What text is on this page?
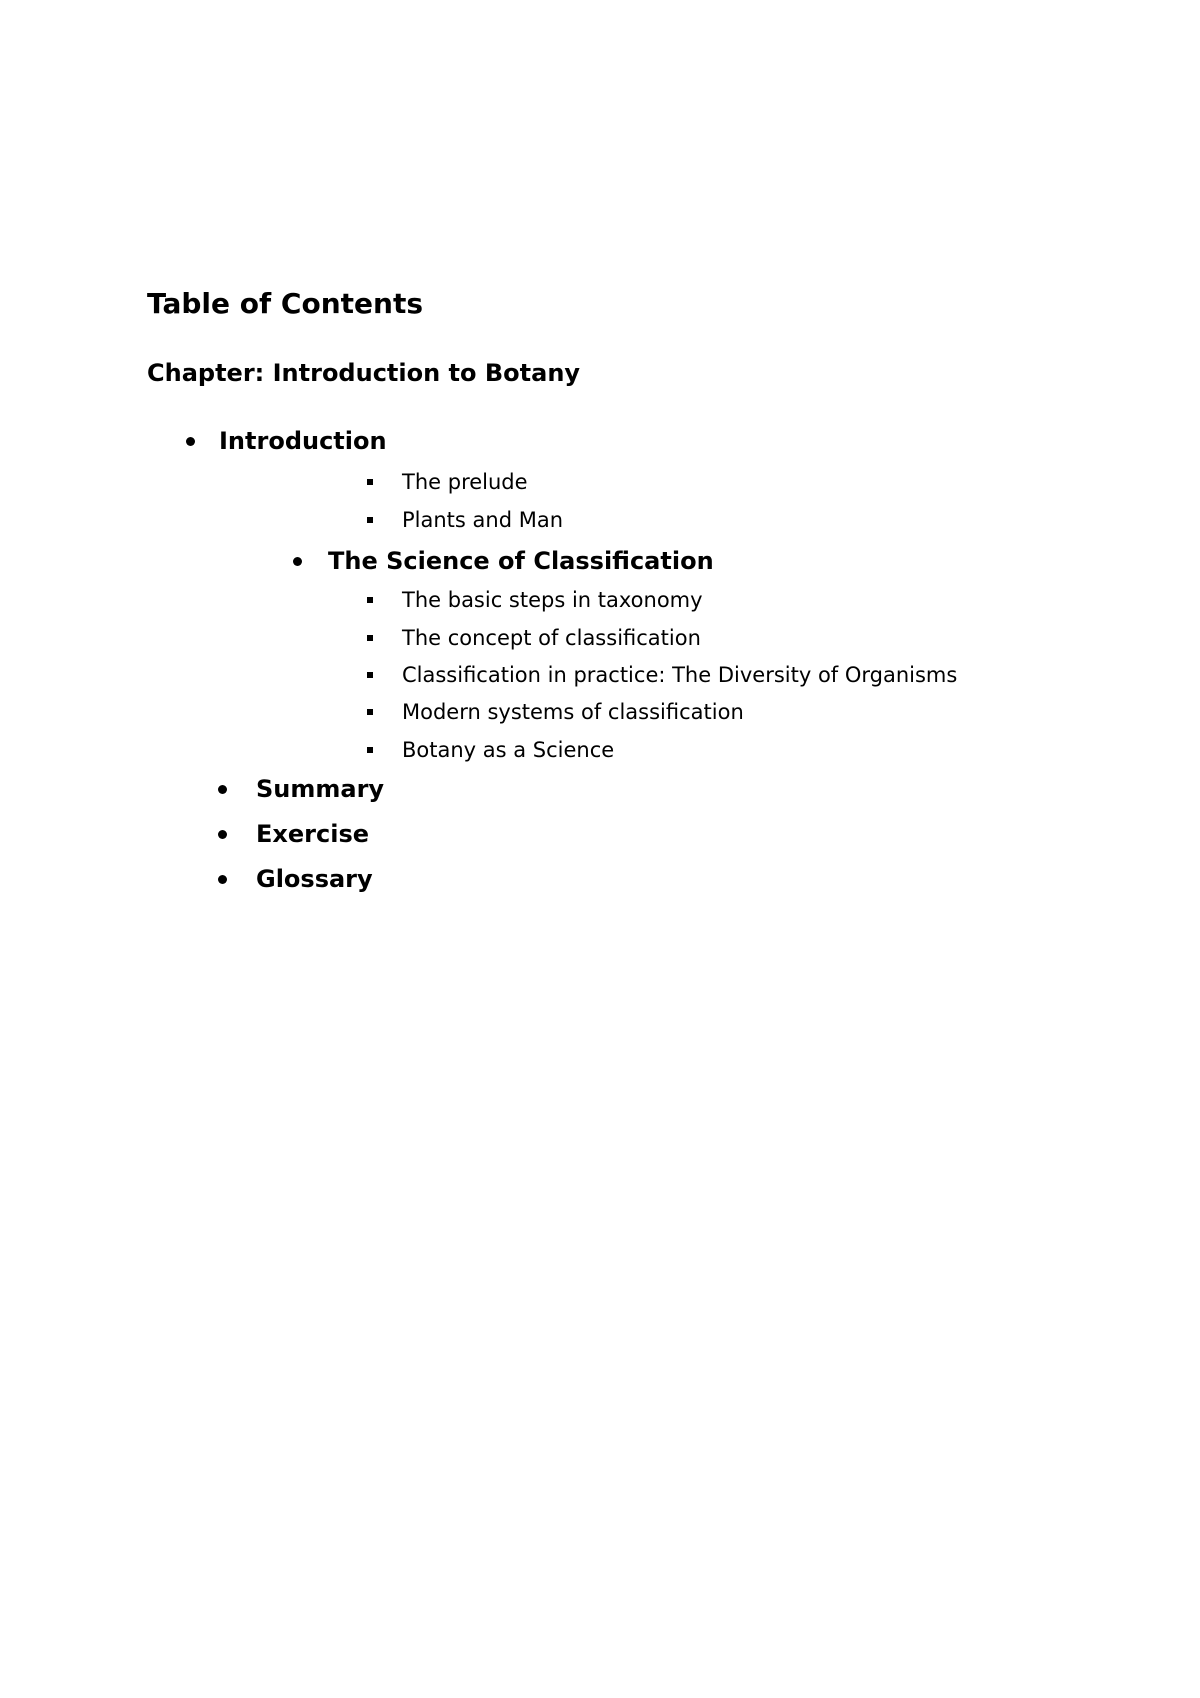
Table of Contents
Chapter: Introduction to Botany
Introduction
The prelude
Plants and Man
The Science of Classification
The basic steps in taxonomy
The concept of classification
Classification in practice: The Diversity of Organisms
Modern systems of classification
Botany as a Science
Summary
Exercise
Glossary
